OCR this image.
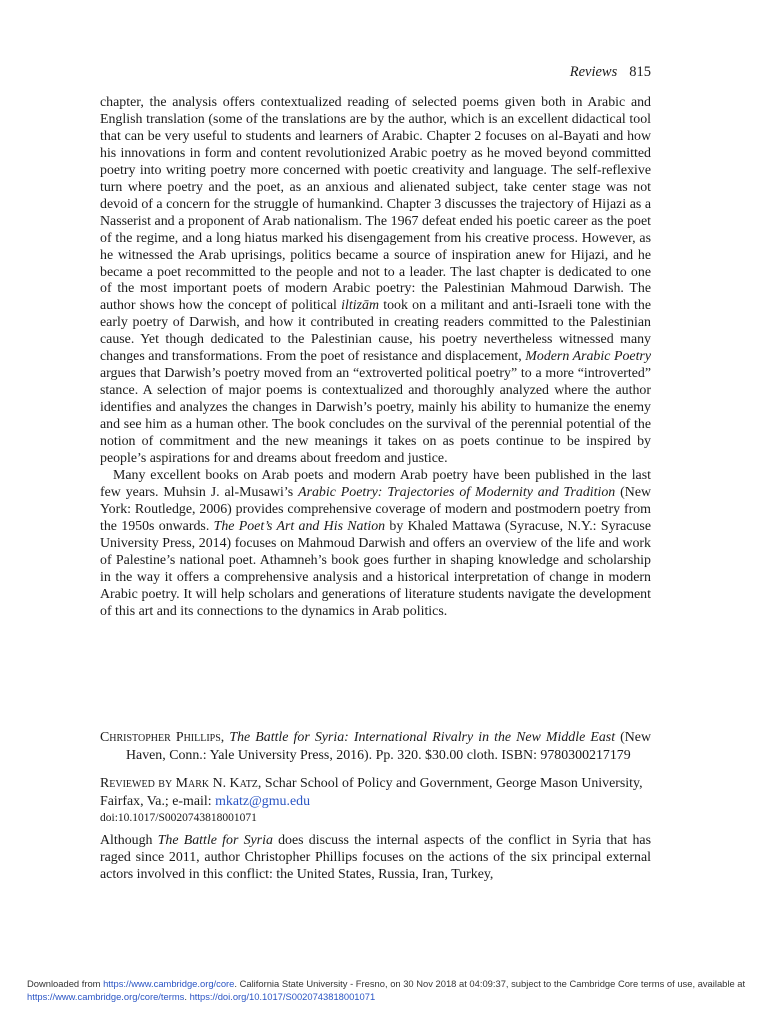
Reviews 815

chapter, the analysis offers contextualized reading of selected poems given both in Arabic and English translation (some of the translations are by the author, which is an excellent didactical tool that can be very useful to students and learners of Arabic. Chapter 2 focuses on al-Bayati and how his innovations in form and content revolutionized Arabic poetry as he moved beyond committed poetry into writing poetry more concerned with poetic creativity and language. The self-reflexive turn where poetry and the poet, as an anxious and alienated subject, take center stage was not devoid of a concern for the struggle of humankind. Chapter 3 discusses the trajectory of Hijazi as a Nasserist and a proponent of Arab nationalism. The 1967 defeat ended his poetic career as the poet of the regime, and a long hiatus marked his disengagement from his creative process. However, as he witnessed the Arab uprisings, politics became a source of inspiration anew for Hijazi, and he became a poet recommitted to the people and not to a leader. The last chapter is dedicated to one of the most important poets of modern Arabic poetry: the Palestinian Mahmoud Darwish. The author shows how the concept of political iltizām took on a militant and anti-Israeli tone with the early poetry of Darwish, and how it contributed in creating readers committed to the Palestinian cause. Yet though dedicated to the Palestinian cause, his poetry nevertheless witnessed many changes and transformations. From the poet of resistance and displacement, Modern Arabic Poetry argues that Darwish’s poetry moved from an “extroverted political poetry” to a more “introverted” stance. A selection of major poems is contextualized and thoroughly analyzed where the author identifies and analyzes the changes in Darwish’s poetry, mainly his ability to humanize the enemy and see him as a human other. The book concludes on the survival of the perennial potential of the notion of commitment and the new meanings it takes on as poets continue to be inspired by people’s aspirations for and dreams about freedom and justice.

Many excellent books on Arab poets and modern Arab poetry have been published in the last few years. Muhsin J. al-Musawi’s Arabic Poetry: Trajectories of Modernity and Tradition (New York: Routledge, 2006) provides comprehensive coverage of modern and postmodern poetry from the 1950s onwards. The Poet’s Art and His Nation by Khaled Mattawa (Syracuse, N.Y.: Syracuse University Press, 2014) focuses on Mahmoud Darwish and offers an overview of the life and work of Palestine’s national poet. Athamneh’s book goes further in shaping knowledge and scholarship in the way it offers a comprehensive analysis and a historical interpretation of change in modern Arabic poetry. It will help scholars and generations of literature students navigate the development of this art and its connections to the dynamics in Arab politics.

Christopher Phillips, The Battle for Syria: International Rivalry in the New Middle East (New Haven, Conn.: Yale University Press, 2016). Pp. 320. $30.00 cloth. ISBN: 9780300217179

Reviewed by Mark N. Katz, Schar School of Policy and Government, George Mason University, Fairfax, Va.; e-mail: mkatz@gmu.edu

doi:10.1017/S0020743818001071

Although The Battle for Syria does discuss the internal aspects of the conflict in Syria that has raged since 2011, author Christopher Phillips focuses on the actions of the six principal external actors involved in this conflict: the United States, Russia, Iran, Turkey,

Downloaded from https://www.cambridge.org/core. California State University - Fresno, on 30 Nov 2018 at 04:09:37, subject to the Cambridge Core terms of use, available at https://www.cambridge.org/core/terms. https://doi.org/10.1017/S0020743818001071
